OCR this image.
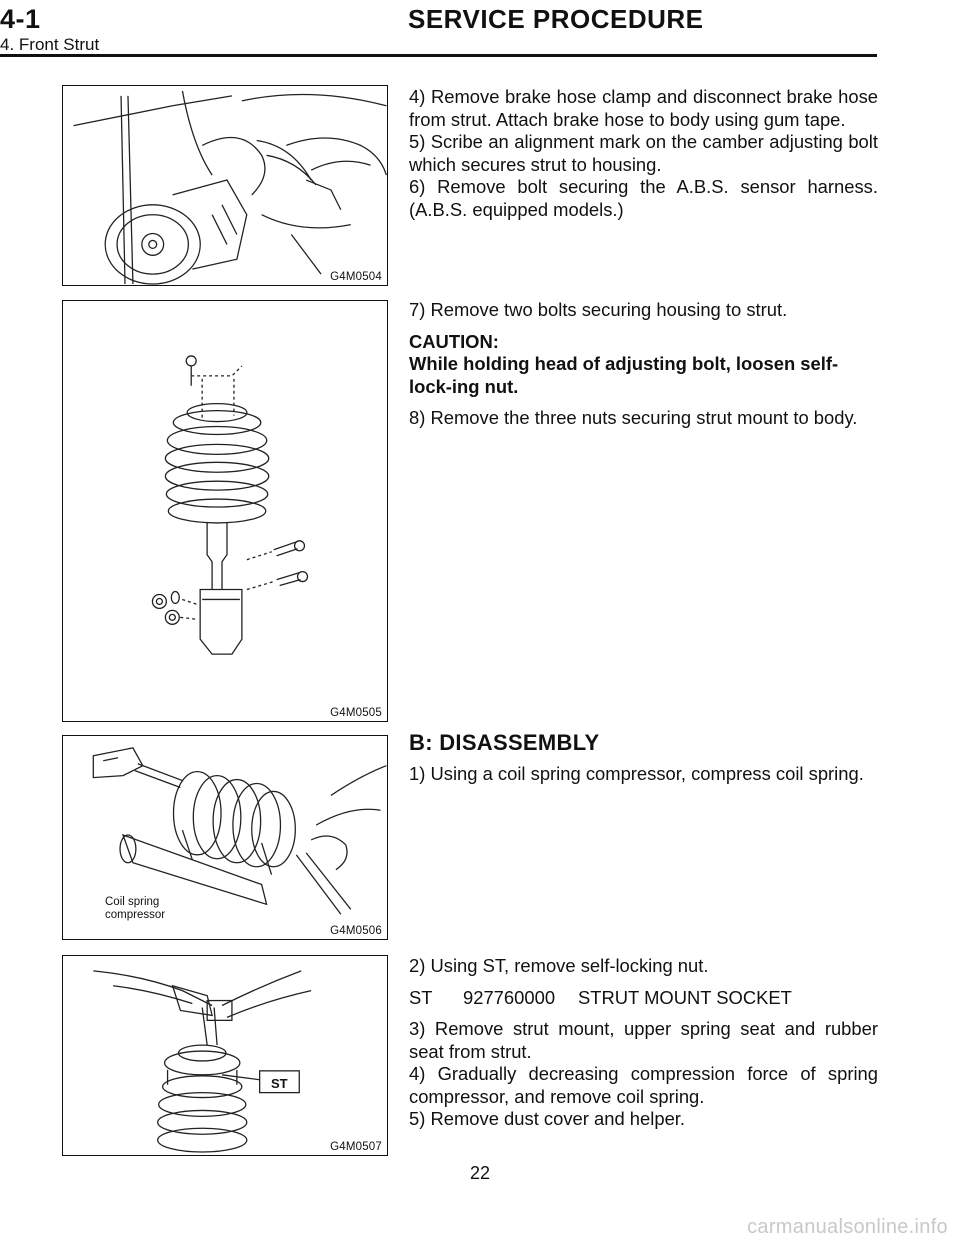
4-1	SERVICE PROCEDURE
4. Front Strut
G4M0504
G4M0505
Coil spring
compressor
G4M0506
ST
G4M0507

4) Remove brake hose clamp and disconnect brake hose from strut. Attach brake hose to body using gum tape.

5) Scribe an alignment mark on the camber adjusting bolt which secures strut to housing.

6) Remove bolt securing the A.B.S. sensor harness. (A.B.S. equipped models.)

7) Remove two bolts securing housing to strut.

CAUTION:

While holding head of adjusting bolt, loosen self-lock-ing nut.

8) Remove the three nuts securing strut mount to body.

B: DISASSEMBLY

1) Using a coil spring compressor, compress coil spring.

2) Using ST, remove self-locking nut.

ST	927760000	STRUT MOUNT SOCKET

3) Remove strut mount, upper spring seat and rubber seat from strut.

4) Gradually decreasing compression force of spring compressor, and remove coil spring.

5) Remove dust cover and helper.

22
carmanualsonline.info
